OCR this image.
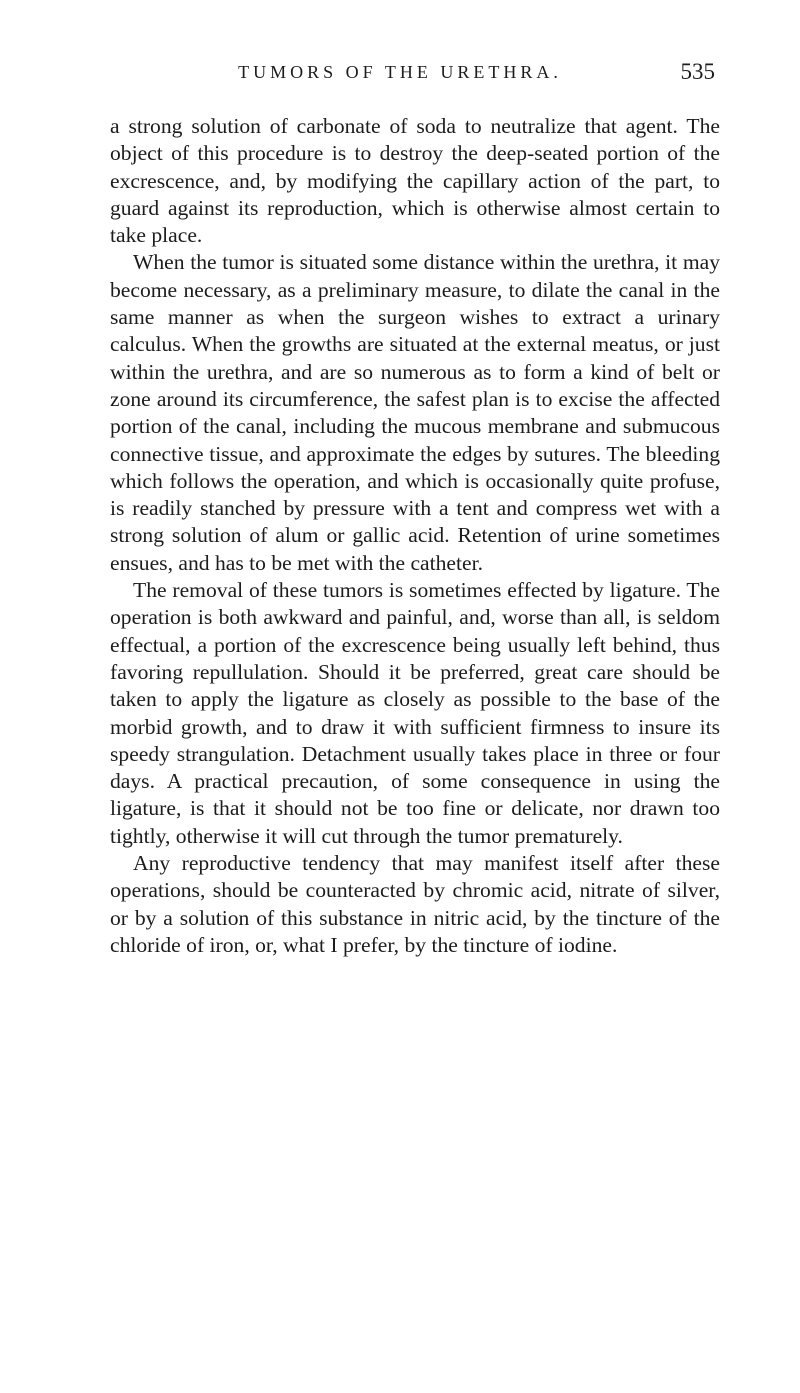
TUMORS OF THE URETHRA.	535

a strong solution of carbonate of soda to neutralize that agent. The object of this procedure is to destroy the deep-seated portion of the excrescence, and, by modifying the capillary action of the part, to guard against its reproduction, which is otherwise almost certain to take place.

When the tumor is situated some distance within the urethra, it may become necessary, as a preliminary measure, to dilate the canal in the same manner as when the surgeon wishes to extract a urinary calculus. When the growths are situated at the external meatus, or just within the urethra, and are so numerous as to form a kind of belt or zone around its circumference, the safest plan is to excise the affected portion of the canal, including the mucous membrane and submucous connective tissue, and approximate the edges by sutures. The bleeding which follows the operation, and which is occasionally quite profuse, is readily stanched by pressure with a tent and compress wet with a strong solution of alum or gallic acid. Retention of urine sometimes ensues, and has to be met with the catheter.

The removal of these tumors is sometimes effected by ligature. The operation is both awkward and painful, and, worse than all, is seldom effectual, a portion of the excrescence being usually left behind, thus favoring repullulation. Should it be preferred, great care should be taken to apply the ligature as closely as possible to the base of the morbid growth, and to draw it with sufficient firmness to insure its speedy strangulation. Detachment usually takes place in three or four days. A practical precaution, of some consequence in using the ligature, is that it should not be too fine or delicate, nor drawn too tightly, otherwise it will cut through the tumor prematurely.

Any reproductive tendency that may manifest itself after these operations, should be counteracted by chromic acid, nitrate of silver, or by a solution of this substance in nitric acid, by the tincture of the chloride of iron, or, what I prefer, by the tincture of iodine.
